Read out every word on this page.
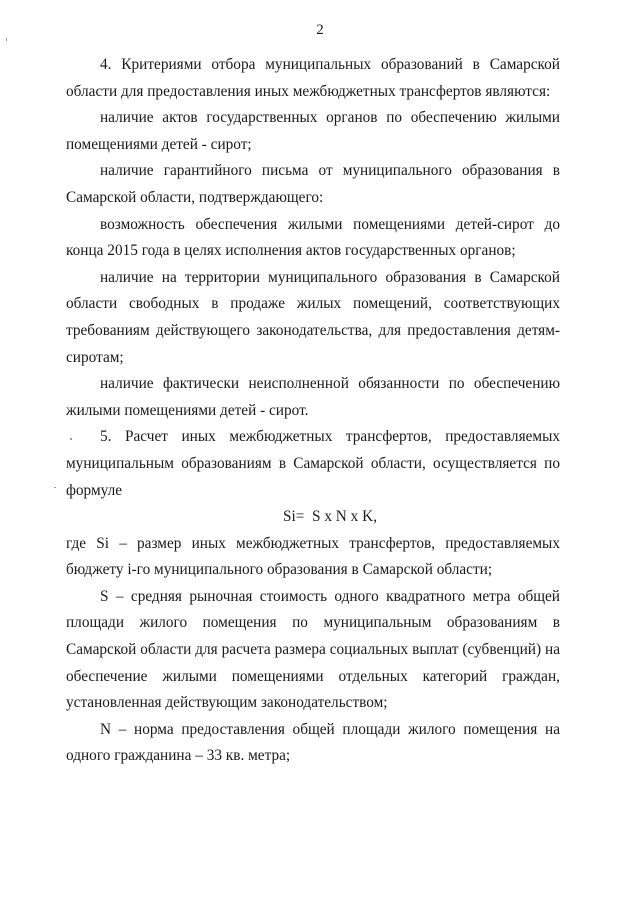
2

4. Критериями отбора муниципальных образований в Самарской области для предоставления иных межбюджетных трансфертов являются:

наличие актов государственных органов по обеспечению жилыми помещениями детей - сирот;

наличие гарантийного письма от муниципального образования в Самарской области, подтверждающего:

возможность обеспечения жилыми помещениями детей-сирот до конца 2015 года в целях исполнения актов государственных органов;

наличие на территории муниципального образования в Самарской области свободных в продаже жилых помещений, соответствующих требованиям действующего законодательства, для предоставления детям-сиротам;

наличие фактически неисполненной обязанности по обеспечению жилыми помещениями детей - сирот.

5. Расчет иных межбюджетных трансфертов, предоставляемых муниципальным образованиям в Самарской области, осуществляется по формуле

Si=  S x N x K,

где Si – размер иных межбюджетных трансфертов, предоставляемых бюджету i-го муниципального образования в Самарской области;

S – средняя рыночная стоимость одного квадратного метра общей площади жилого помещения по муниципальным образованиям в Самарской области для расчета размера социальных выплат (субвенций) на обеспечение жилыми помещениями отдельных категорий граждан, установленная действующим законодательством;

N – норма предоставления общей площади жилого помещения на одного гражданина – 33 кв. метра;
